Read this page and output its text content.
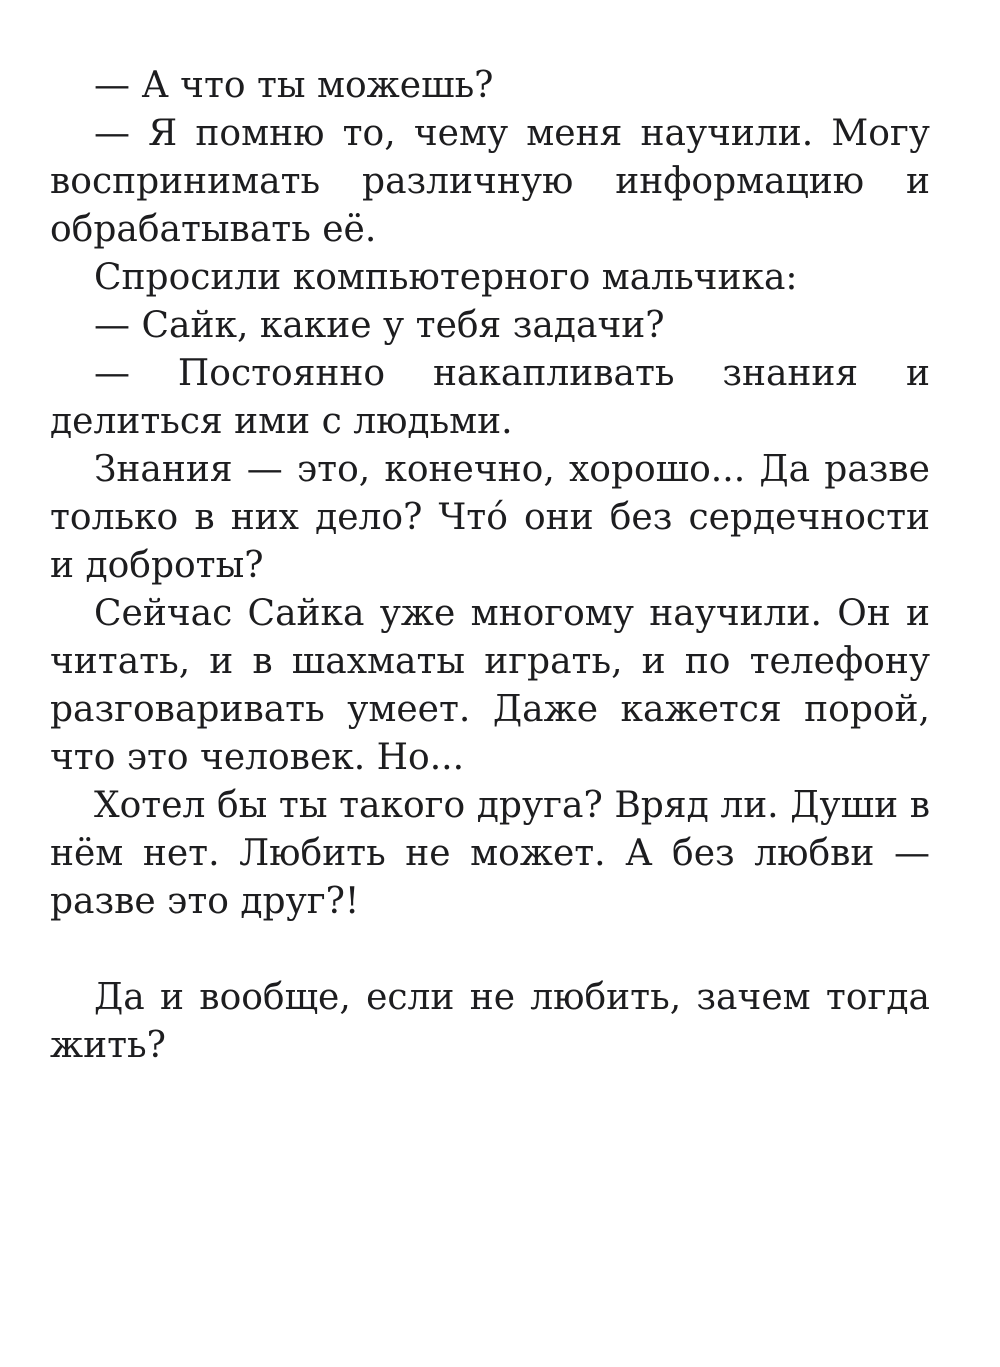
— А что ты можешь?

— Я помню то, чему меня научили. Могу воспринимать различную информацию и обрабатывать её.

Спросили компьютерного мальчика:

— Сайк, какие у тебя задачи?

— Постоянно накапливать знания и делиться ими с людьми.

Знания — это, конечно, хорошо... Да разве только в них дело? Что́ они без сердечности и доброты?

Сейчас Сайка уже многому научили. Он и читать, и в шахматы играть, и по телефону разговаривать умеет. Даже кажется порой, что это человек. Но...

Хотел бы ты такого друга? Вряд ли. Души в нём нет. Любить не может. А без любви — разве это друг?!

Да и вообще, если не любить, зачем тогда жить?
